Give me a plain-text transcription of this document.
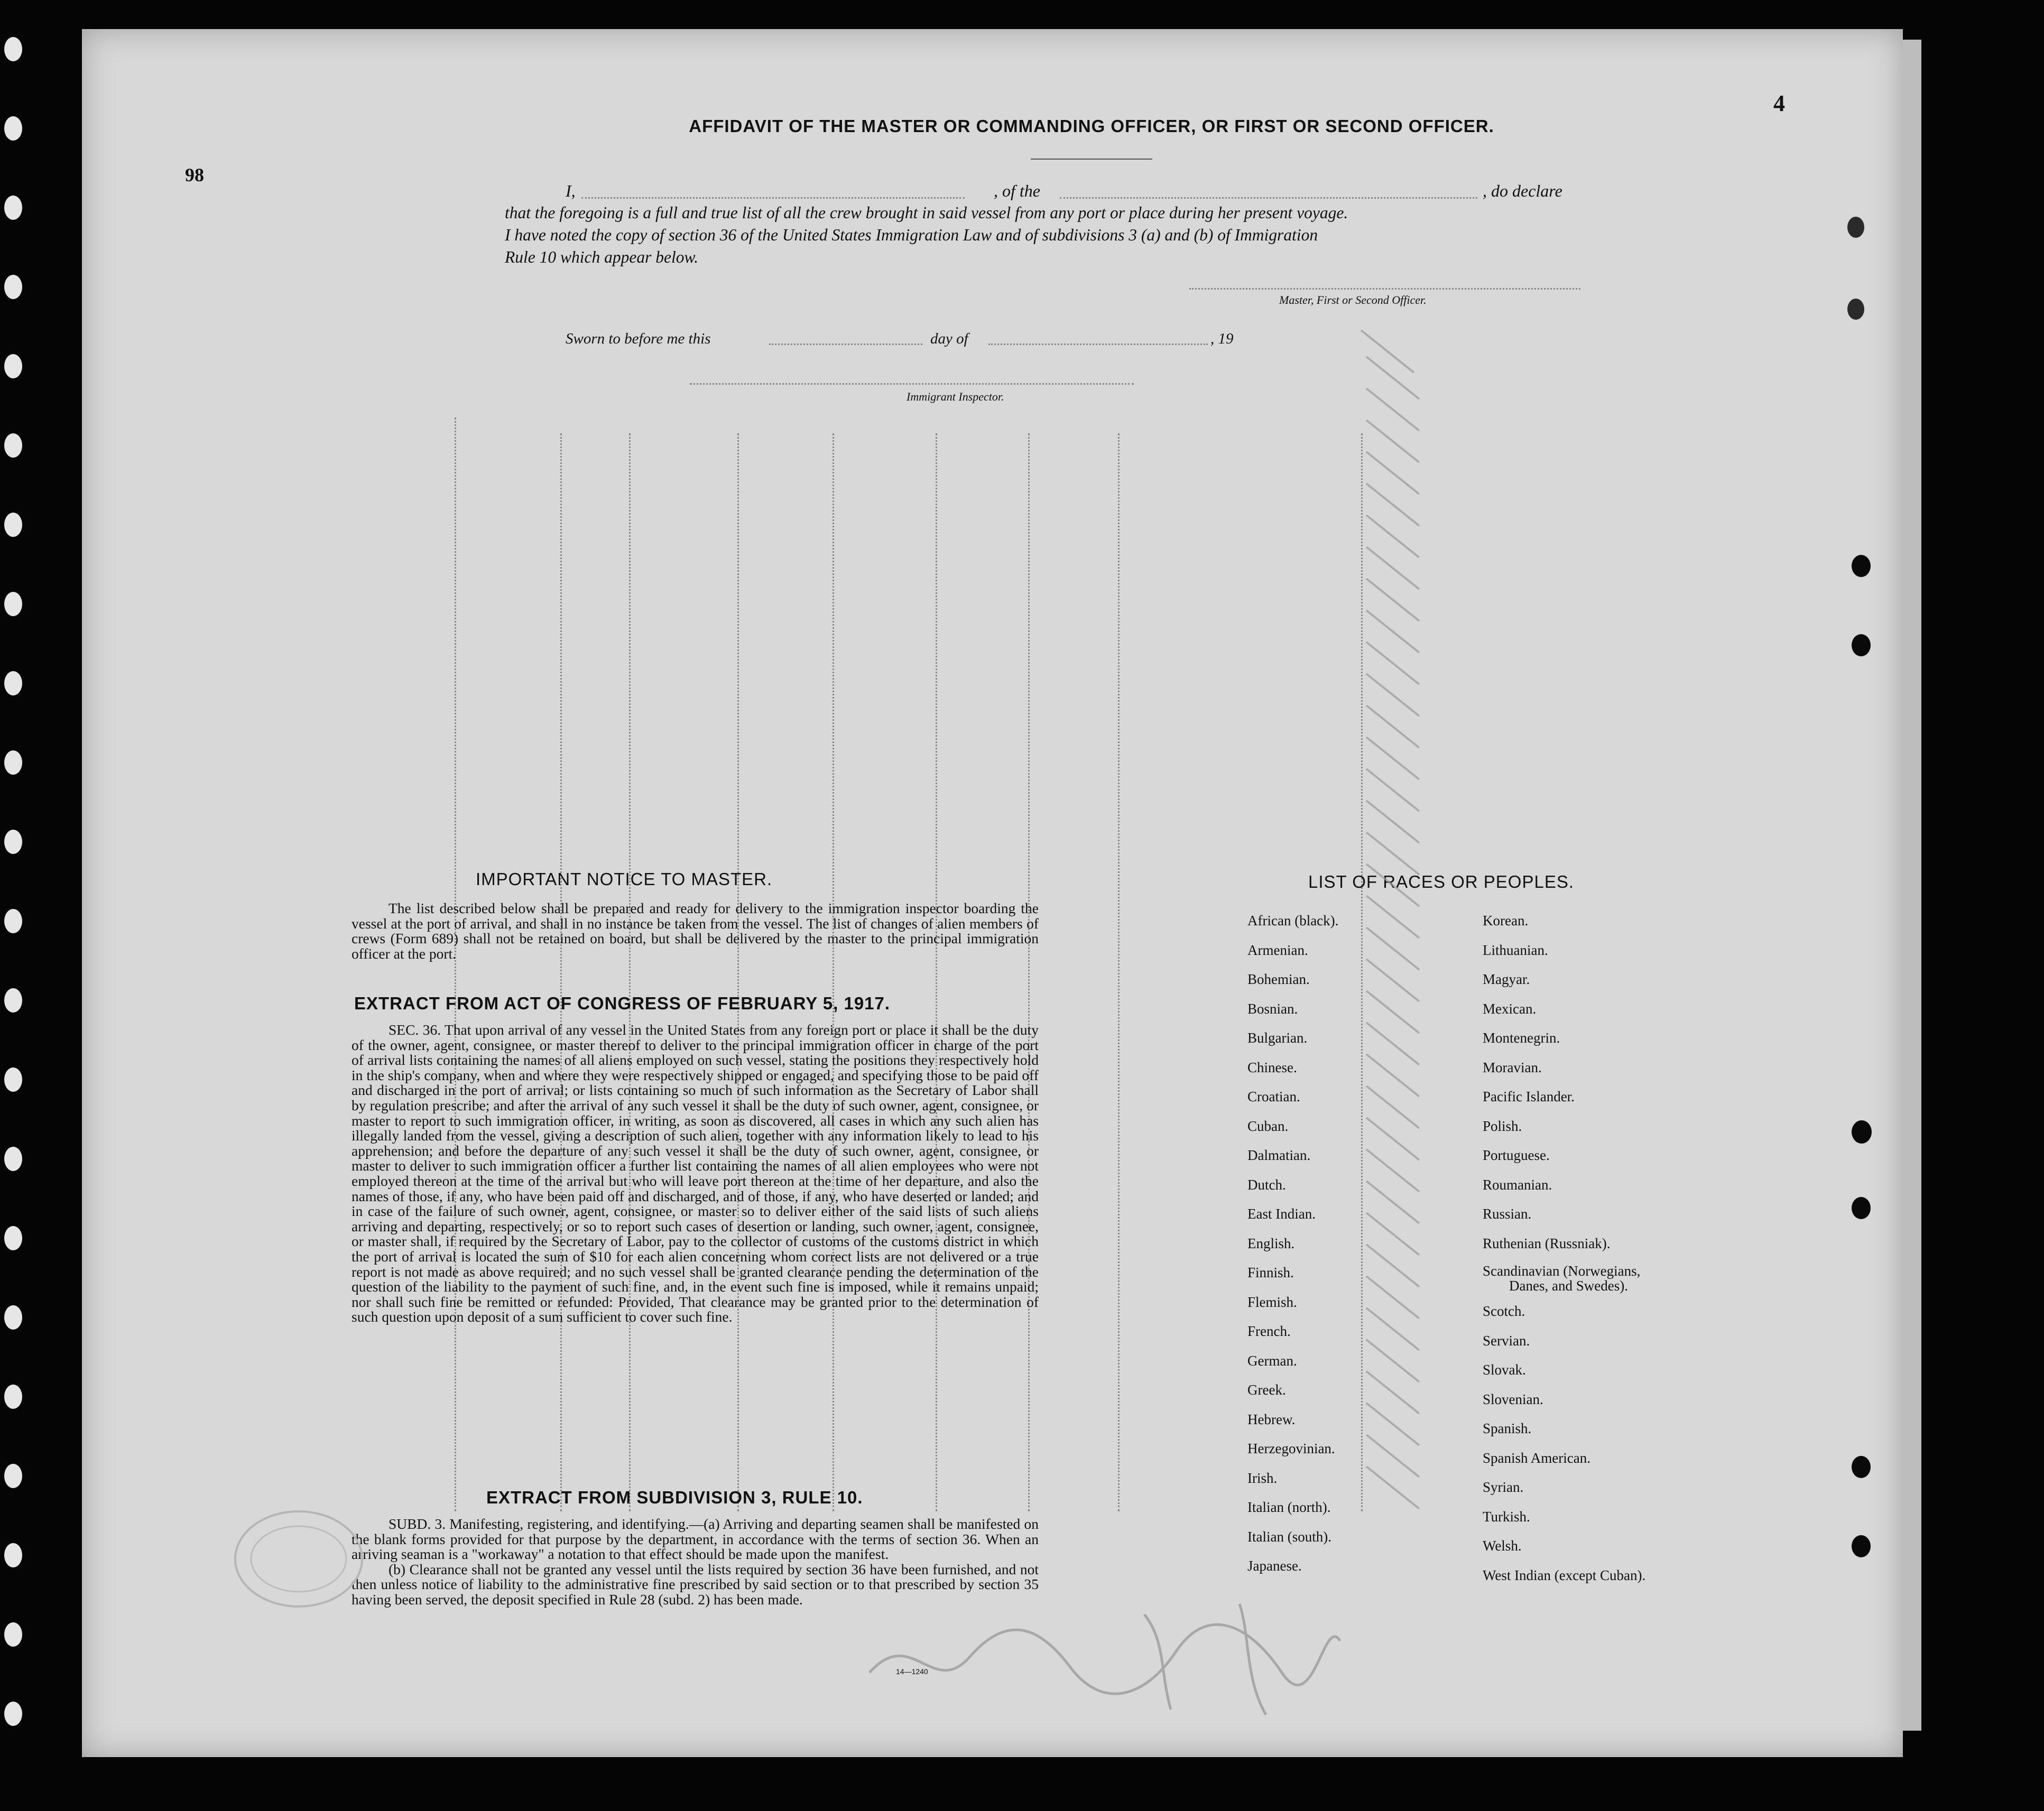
98
4
AFFIDAVIT OF THE MASTER OR COMMANDING OFFICER, OR FIRST OR SECOND OFFICER.
I,	, of the	, do declare
that the foregoing is a full and true list of all the crew brought in said vessel from any port or place during her present voyage.
I have noted the copy of section 36 of the United States Immigration Law and of subdivisions 3 (a) and (b) of Immigration
Rule 10 which appear below.
Master, First or Second Officer.
Sworn to before me this	day of	, 19
Immigrant Inspector.
IMPORTANT NOTICE TO MASTER.

The list described below shall be prepared and ready for delivery to the immigration inspector boarding the vessel at the port of arrival, and shall in no instance be taken from the vessel. The list of changes of alien members of crews (Form 689) shall not be retained on board, but shall be delivered by the master to the principal immigration officer at the port.

EXTRACT FROM ACT OF CONGRESS OF FEBRUARY 5, 1917.

SEC. 36. That upon arrival of any vessel in the United States from any foreign port or place it shall be the duty of the owner, agent, consignee, or master thereof to deliver to the principal immigration officer in charge of the port of arrival lists containing the names of all aliens employed on such vessel, stating the positions they respectively hold in the ship's company, when and where they were respectively shipped or engaged, and specifying those to be paid off and discharged in the port of arrival; or lists containing so much of such information as the Secretary of Labor shall by regulation prescribe; and after the arrival of any such vessel it shall be the duty of such owner, agent, consignee, or master to report to such immigration officer, in writing, as soon as discovered, all cases in which any such alien has illegally landed from the vessel, giving a description of such alien, together with any information likely to lead to his apprehension; and before the departure of any such vessel it shall be the duty of such owner, agent, consignee, or master to deliver to such immigration officer a further list containing the names of all alien employees who were not employed thereon at the time of the arrival but who will leave port thereon at the time of her departure, and also the names of those, if any, who have been paid off and discharged, and of those, if any, who have deserted or landed; and in case of the failure of such owner, agent, consignee, or master so to deliver either of the said lists of such aliens arriving and departing, respectively, or so to report such cases of desertion or landing, such owner, agent, consignee, or master shall, if required by the Secretary of Labor, pay to the collector of customs of the customs district in which the port of arrival is located the sum of $10 for each alien concerning whom correct lists are not delivered or a true report is not made as above required; and no such vessel shall be granted clearance pending the determination of the question of the liability to the payment of such fine, and, in the event such fine is imposed, while it remains unpaid; nor shall such fine be remitted or refunded: Provided, That clearance may be granted prior to the determination of such question upon deposit of a sum sufficient to cover such fine.

EXTRACT FROM SUBDIVISION 3, RULE 10.

SUBD. 3. Manifesting, registering, and identifying.—(a) Arriving and departing seamen shall be manifested on the blank forms provided for that purpose by the department, in accordance with the terms of section 36. When an arriving seaman is a "workaway" a notation to that effect should be made upon the manifest.

(b) Clearance shall not be granted any vessel until the lists required by section 36 have been furnished, and not then unless notice of liability to the administrative fine prescribed by said section or to that prescribed by section 35 having been served, the deposit specified in Rule 28 (subd. 2) has been made.

14—1240
LIST OF RACES OR PEOPLES.
African (black).
Armenian.
Bohemian.
Bosnian.
Bulgarian.
Chinese.
Croatian.
Cuban.
Dalmatian.
Dutch.
East Indian.
English.
Finnish.
Flemish.
French.
German.
Greek.
Hebrew.
Herzegovinian.
Irish.
Italian (north).
Italian (south).
Japanese.
Korean.
Lithuanian.
Magyar.
Mexican.
Montenegrin.
Moravian.
Pacific Islander.
Polish.
Portuguese.
Roumanian.
Russian.
Ruthenian (Russniak).
Scandinavian (Norwegians,
Danes, and Swedes).
Scotch.
Servian.
Slovak.
Slovenian.
Spanish.
Spanish American.
Syrian.
Turkish.
Welsh.
West Indian (except Cuban).
